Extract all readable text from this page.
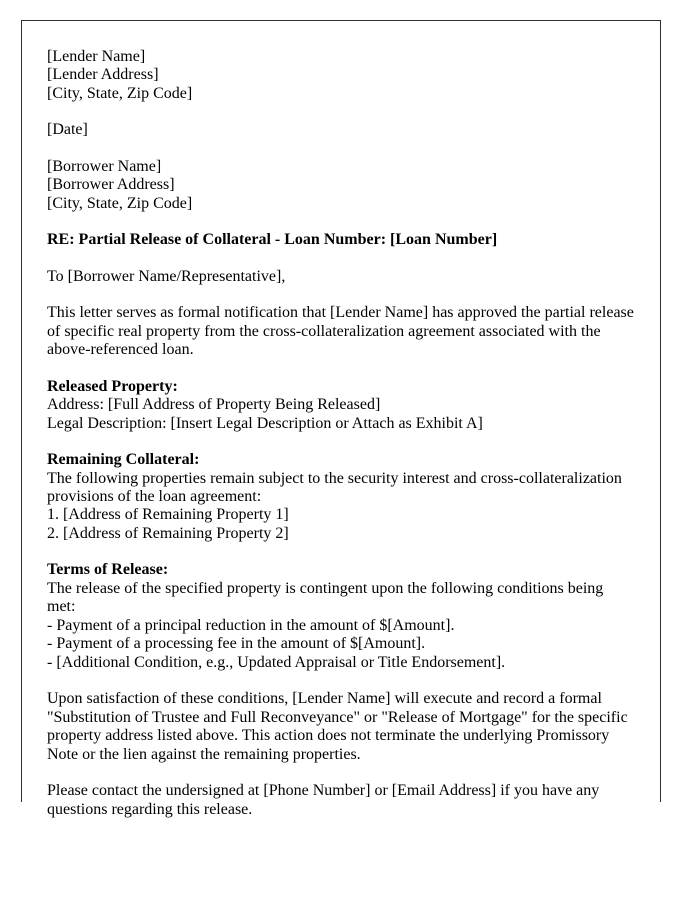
[Lender Name]
[Lender Address]
[City, State, Zip Code]
[Date]
[Borrower Name]
[Borrower Address]
[City, State, Zip Code]
RE: Partial Release of Collateral - Loan Number: [Loan Number]
To [Borrower Name/Representative],
This letter serves as formal notification that [Lender Name] has approved the partial release of specific real property from the cross-collateralization agreement associated with the above-referenced loan.
Released Property:
Address: [Full Address of Property Being Released]
Legal Description: [Insert Legal Description or Attach as Exhibit A]
Remaining Collateral:
The following properties remain subject to the security interest and cross-collateralization provisions of the loan agreement:
1. [Address of Remaining Property 1]
2. [Address of Remaining Property 2]
Terms of Release:
The release of the specified property is contingent upon the following conditions being met:
- Payment of a principal reduction in the amount of $[Amount].
- Payment of a processing fee in the amount of $[Amount].
- [Additional Condition, e.g., Updated Appraisal or Title Endorsement].
Upon satisfaction of these conditions, [Lender Name] will execute and record a formal "Substitution of Trustee and Full Reconveyance" or "Release of Mortgage" for the specific property address listed above. This action does not terminate the underlying Promissory Note or the lien against the remaining properties.
Please contact the undersigned at [Phone Number] or [Email Address] if you have any questions regarding this release.
